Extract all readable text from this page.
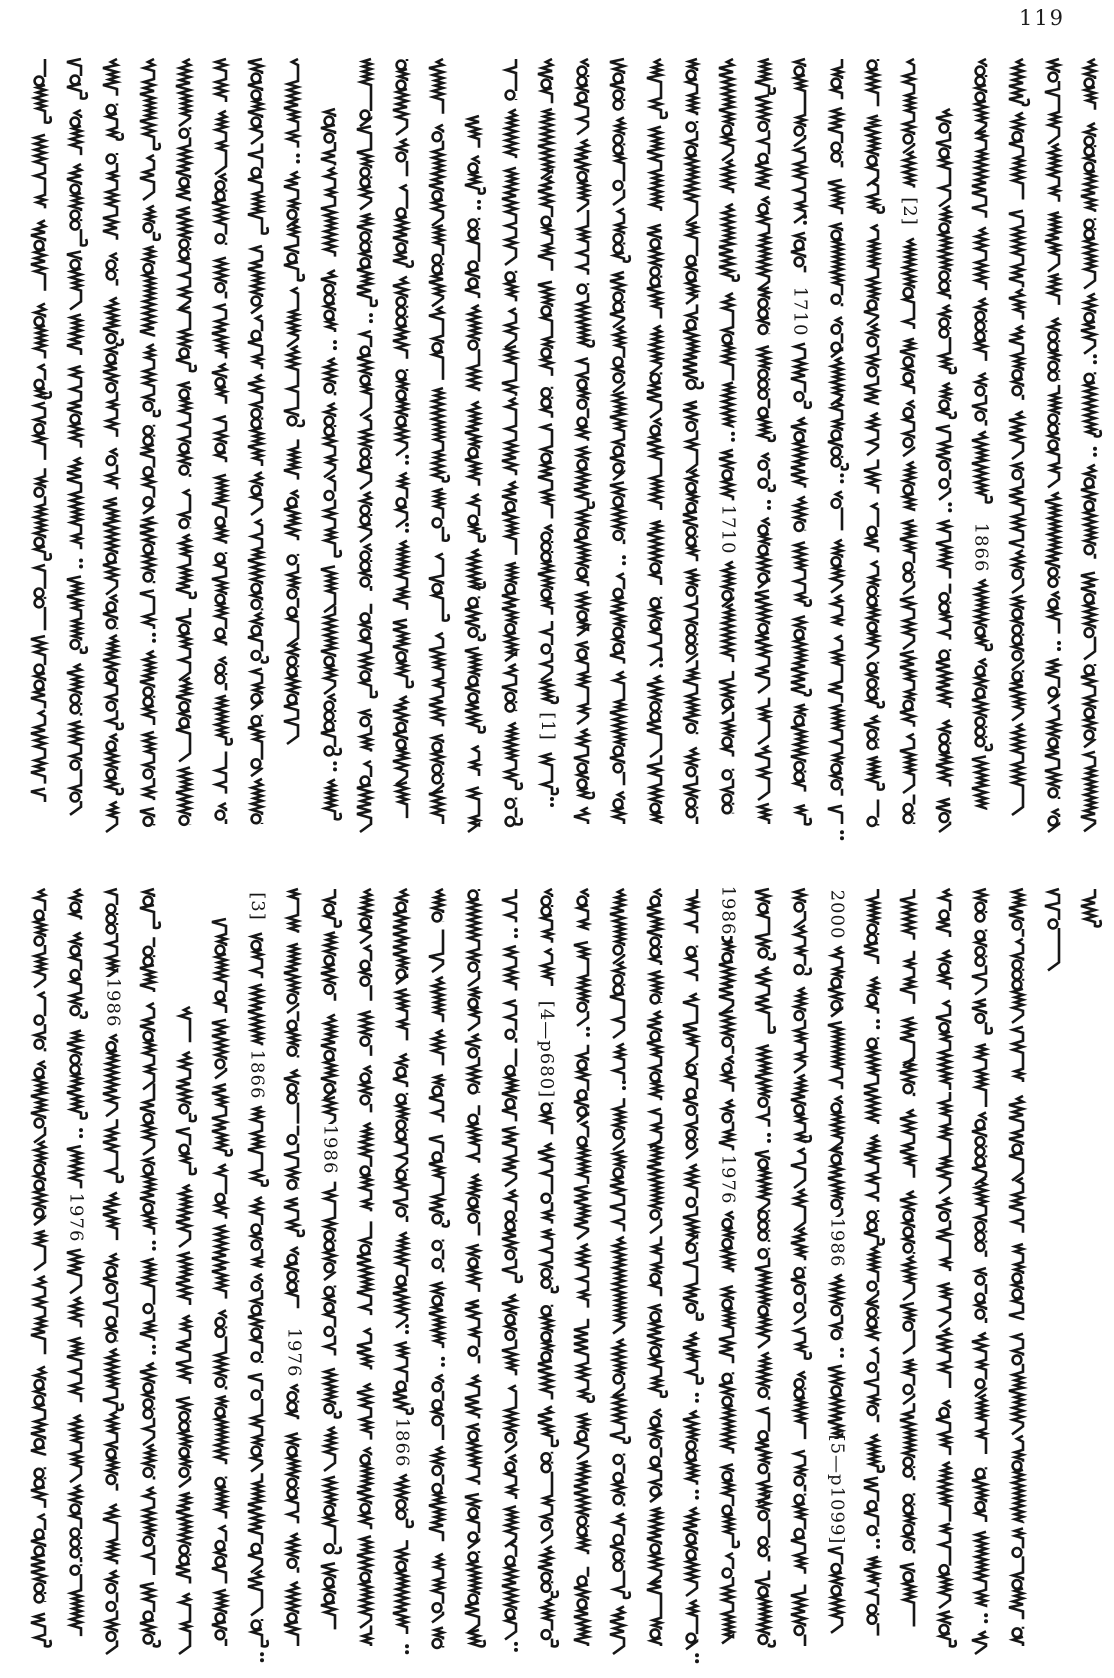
119
[1]
1710
1710
[2]
1866
1976
1986
[3]
1866
1976
1986
1866
[4—p680]
1986
1976
2000
1986
[5—p1099]
